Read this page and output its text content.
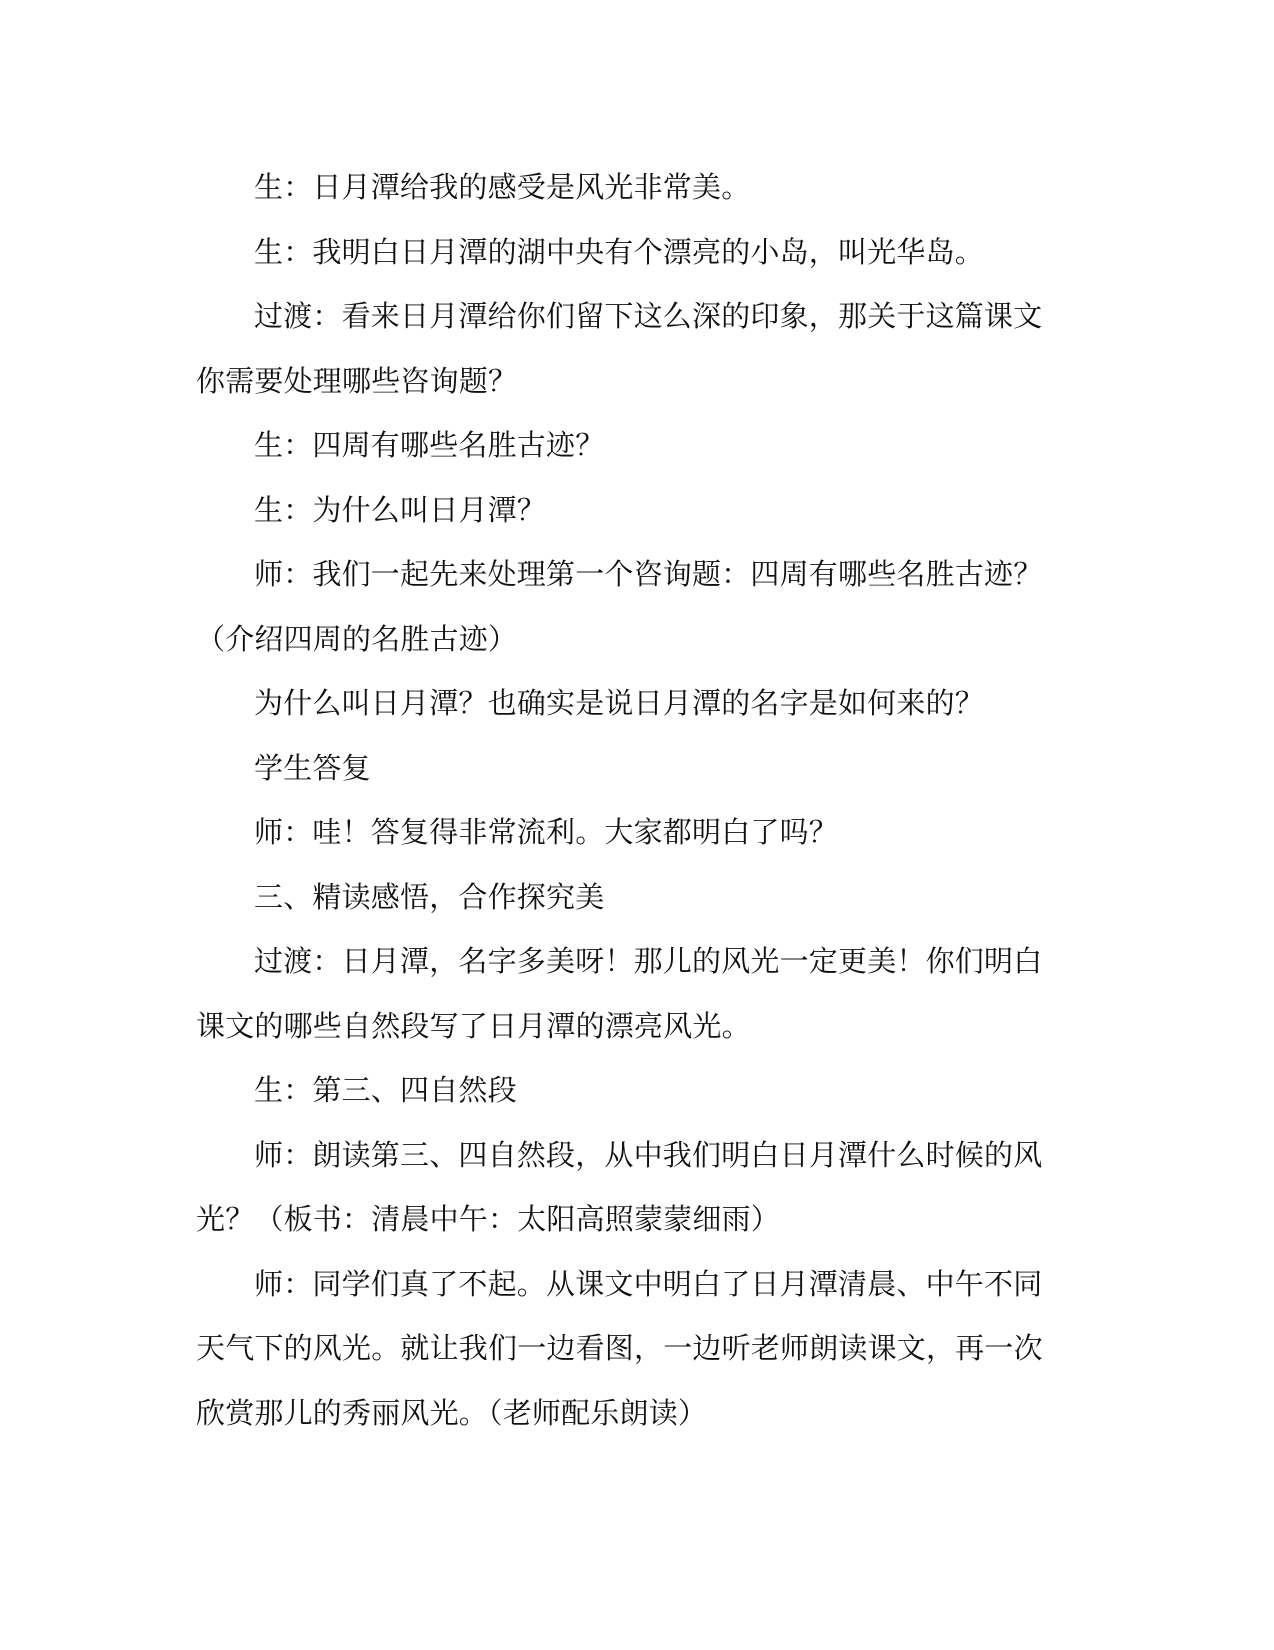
生：日月潭给我的感受是风光非常美。

生：我明白日月潭的湖中央有个漂亮的小岛，叫光华岛。

过渡：看来日月潭给你们留下这么深的印象，那关于这篇课文你需要处理哪些咨询题？

生：四周有哪些名胜古迹？

生：为什么叫日月潭？

师：我们一起先来处理第一个咨询题：四周有哪些名胜古迹？（介绍四周的名胜古迹）

为什么叫日月潭？也确实是说日月潭的名字是如何来的？

学生答复

师：哇！答复得非常流利。大家都明白了吗？

三、精读感悟，合作探究美

过渡：日月潭，名字多美呀！那儿的风光一定更美！你们明白课文的哪些自然段写了日月潭的漂亮风光。

生：第三、四自然段

师：朗读第三、四自然段，从中我们明白日月潭什么时候的风光？（板书：清晨中午：太阳高照蒙蒙细雨）

师：同学们真了不起。从课文中明白了日月潭清晨、中午不同天气下的风光。就让我们一边看图，一边听老师朗读课文，再一次欣赏那儿的秀丽风光。（老师配乐朗读）
